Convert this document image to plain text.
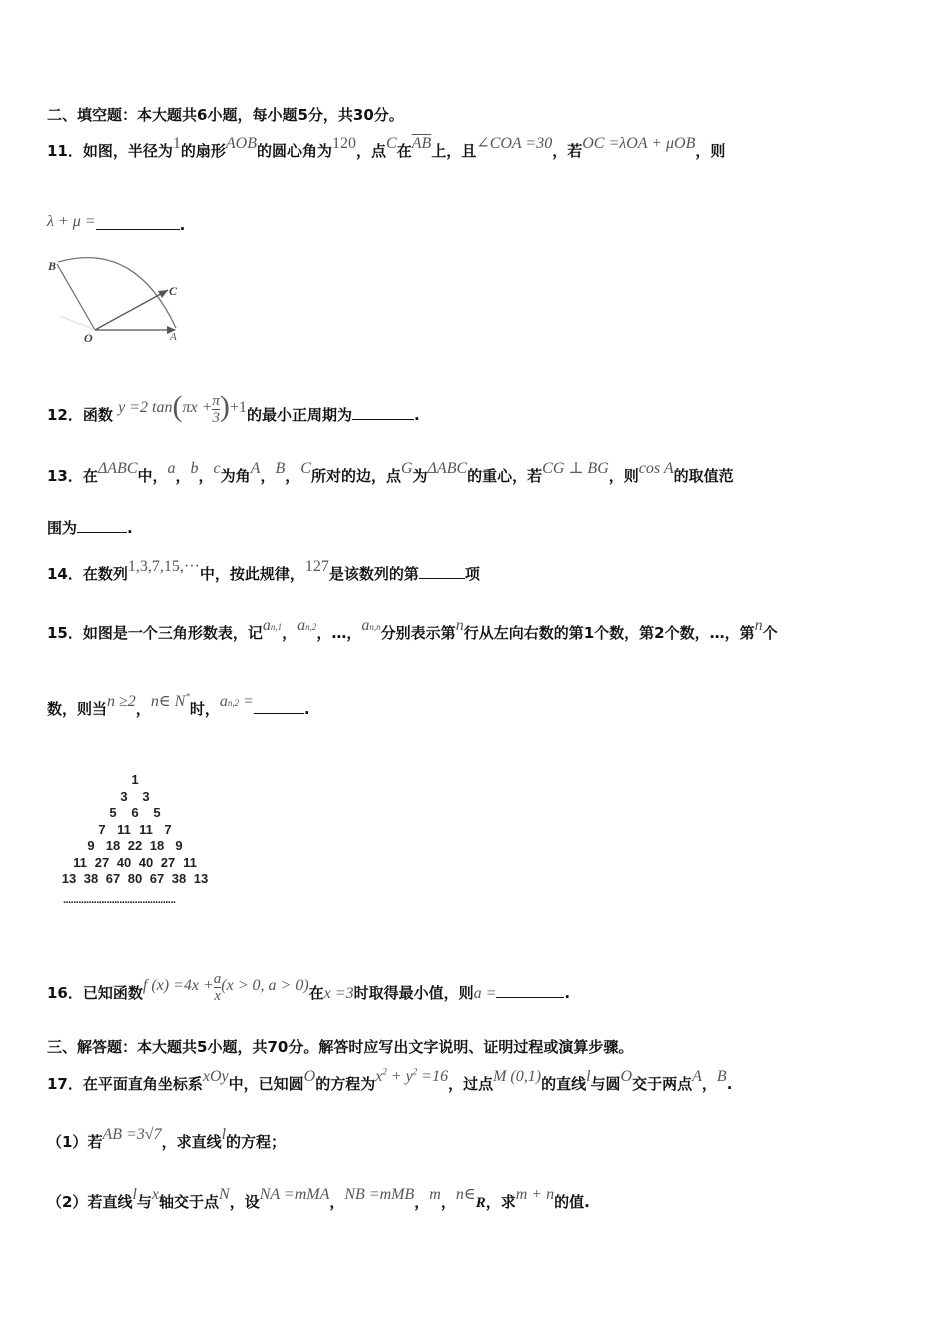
二、填空题：本大题共6小题，每小题5分，共30分。
11．如图，半径为1的扇形AOB的圆心角为120，点C在$\overline{AB}$上，且∠COA =30，若OC =λOA + μOB，则
λ + μ =	.
B
C
O	A
12．函数 y =2 $\tan(\pi x + \frac{\pi}{3} )+1$的最小正周期为	.
13．在ΔABC中，a，b，c为角A，B，C所对的边，点G为ΔABC的重心，若CG ⊥ BG，则cos A的取值范
围为	.
14．在数列1,3,7,15,···中，按此规律，127是该数列的第	项
15．如图是一个三角形数表，记an,1，an,2，…，an,n分别表示第n行从左向右数的第1个数，第2个数，…，第n个
数，则当n ≥2，n∈ N*时，an,2 =	.
1
3 3
5 6 5
7 11 11 7
9 18 22 18 9
11 27 40 40 27 11
13 38 67 80 67 38 13
............................................
16．已知函数f $(x) =4x + \frac{a}{x} (x > 0$, a > 0)在x =3时取得最小值，则a =	.
三、解答题：本大题共5小题，共70分。解答时应写出文字说明、证明过程或演算步骤。
17．在平面直角坐标系xOy中，已知圆O的方程为$x^2 + y^2 =16$，过点M (0,1)的直线l与圆O交于两点A，B.
（1）若AB =3√7，求直线l的方程；
（2）若直线l与x轴交于点N，设NA =mMA，NB =mMB，m，n∈R，求m + n的值.
